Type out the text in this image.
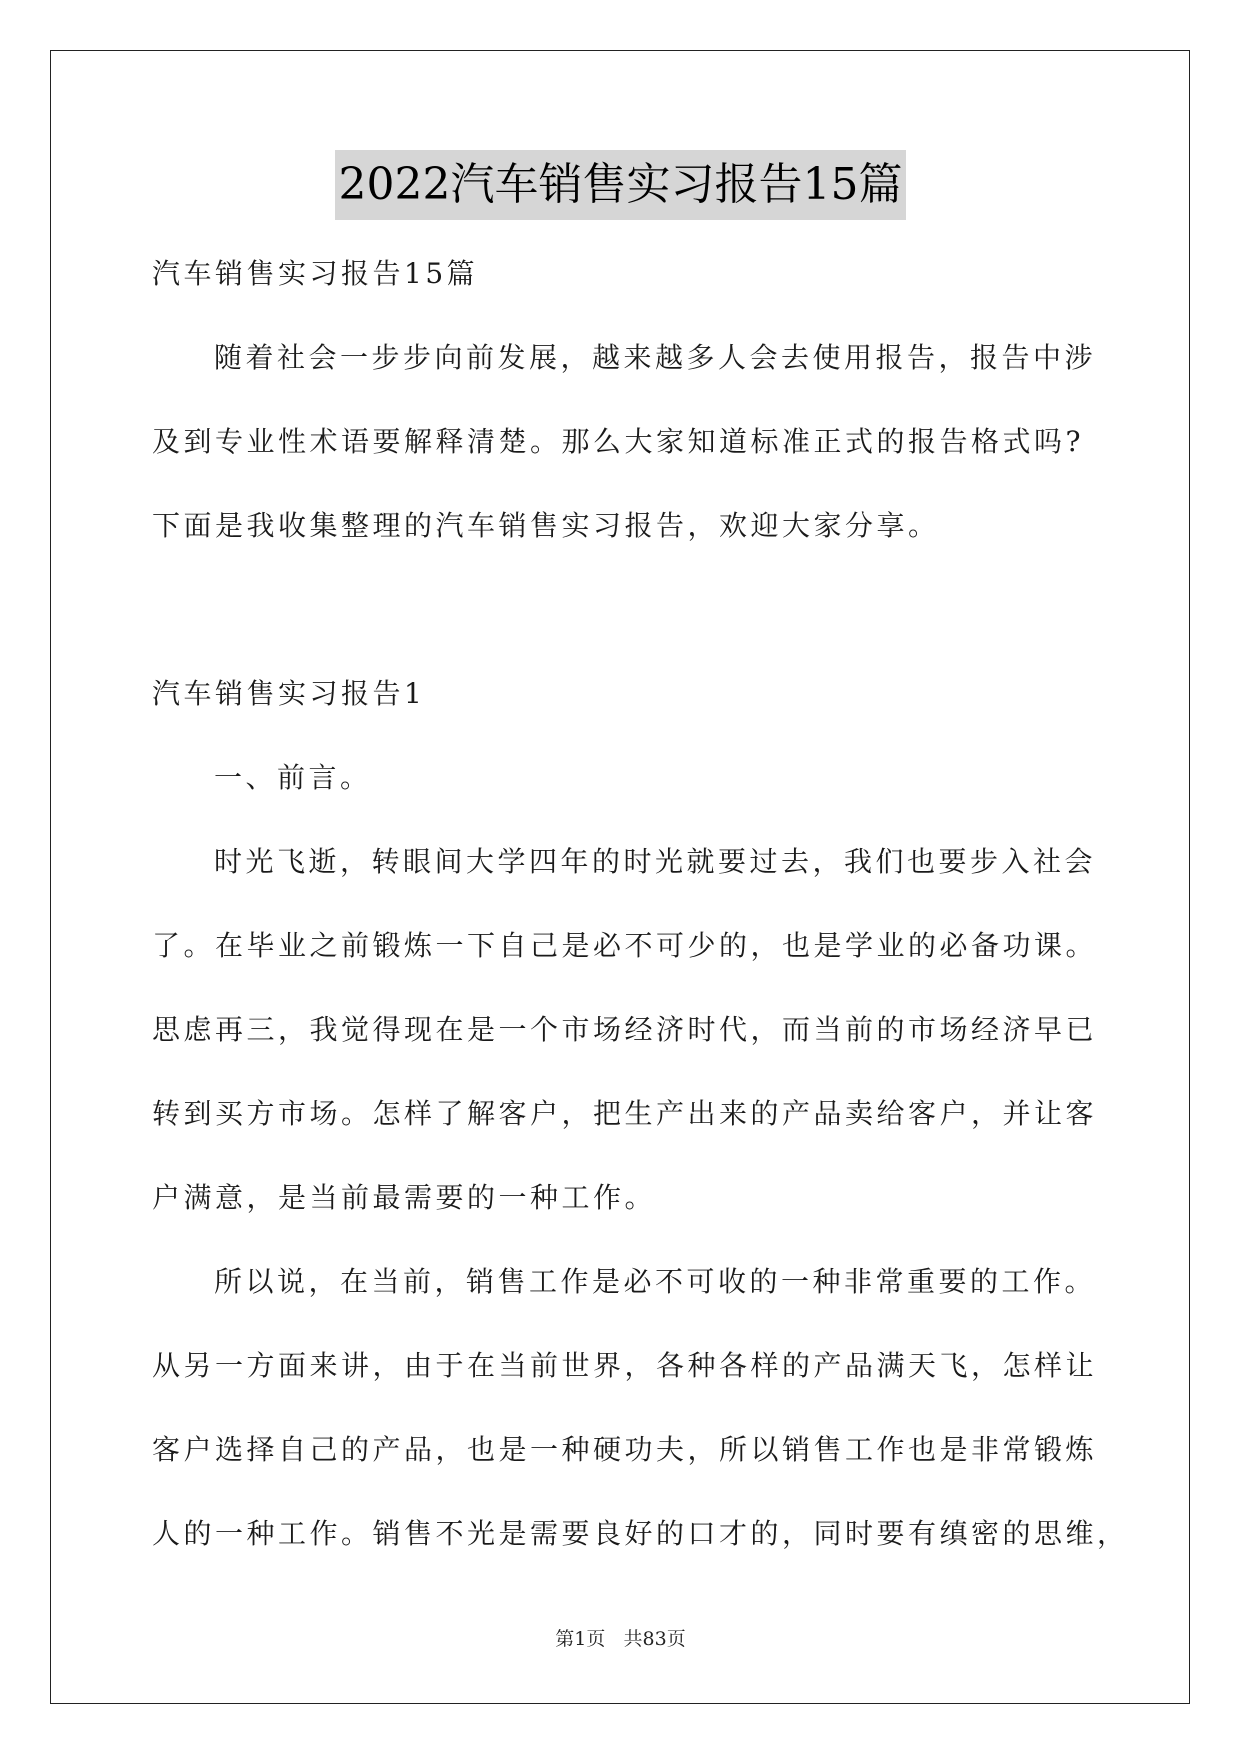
2022汽车销售实习报告15篇
汽车销售实习报告15篇
随着社会一步步向前发展，越来越多人会去使用报告，报告中涉
及到专业性术语要解释清楚。那么大家知道标准正式的报告格式吗?
下面是我收集整理的汽车销售实习报告，欢迎大家分享。
汽车销售实习报告1
一、前言。
时光飞逝，转眼间大学四年的时光就要过去，我们也要步入社会
了。在毕业之前锻炼一下自己是必不可少的，也是学业的必备功课。
思虑再三，我觉得现在是一个市场经济时代，而当前的市场经济早已
转到买方市场。怎样了解客户，把生产出来的产品卖给客户，并让客
户满意，是当前最需要的一种工作。
所以说，在当前，销售工作是必不可收的一种非常重要的工作。
从另一方面来讲，由于在当前世界，各种各样的产品满天飞，怎样让
客户选择自己的产品，也是一种硬功夫，所以销售工作也是非常锻炼
人的一种工作。销售不光是需要良好的口才的，同时要有缜密的思维，
第1页 共83页
